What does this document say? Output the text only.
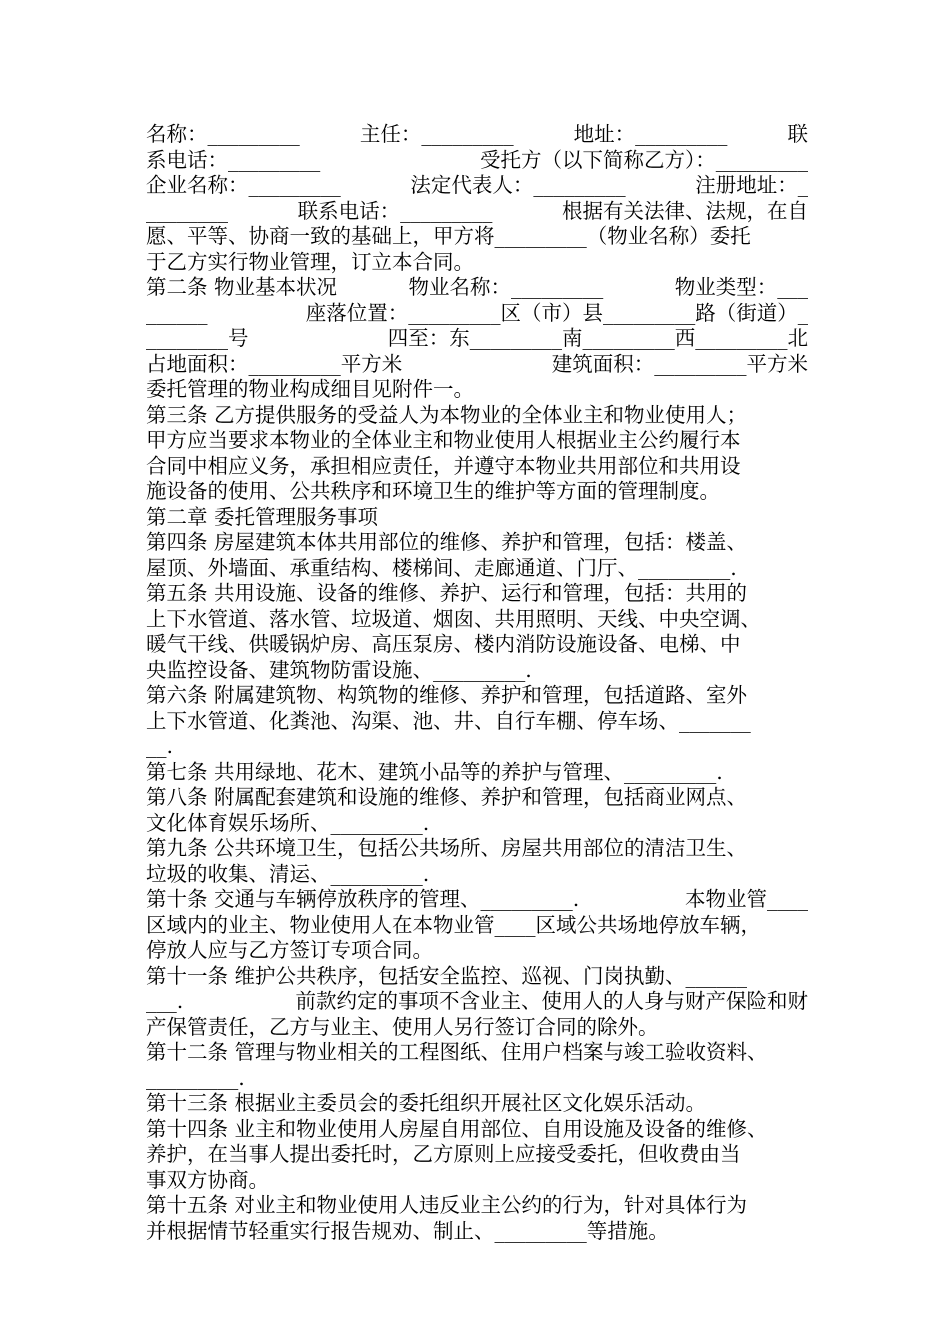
名称：_________	主任：_________	地址：_________	联
系电话：_________	受托方（以下简称乙方）：_________
企业名称：_________	法定代表人：_________	注册地址：_
________	联系电话：_________	根据有关法律、法规，在自
愿、平等、协商一致的基础上，甲方将_________（物业名称）委托
于乙方实行物业管理，订立本合同。
第二条 物业基本状况	物业名称：_________	物业类型：___
______	座落位置：_________区（市）县_________路（街道）_
________号	四至：东_________南_________西_________北
占地面积：_________平方米	建筑面积：_________平方米
委托管理的物业构成细目见附件一。
第三条 乙方提供服务的受益人为本物业的全体业主和物业使用人；
甲方应当要求本物业的全体业主和物业使用人根据业主公约履行本
合同中相应义务，承担相应责任，并遵守本物业共用部位和共用设
施设备的使用、公共秩序和环境卫生的维护等方面的管理制度。
第二章 委托管理服务事项
第四条 房屋建筑本体共用部位的维修、养护和管理，包括：楼盖、
屋顶、外墙面、承重结构、楼梯间、走廊通道、门厅、_________.
第五条 共用设施、设备的维修、养护、运行和管理，包括：共用的
上下水管道、落水管、垃圾道、烟囱、共用照明、天线、中央空调、
暖气干线、供暖锅炉房、高压泵房、楼内消防设施设备、电梯、中
央监控设备、建筑物防雷设施、_________.
第六条 附属建筑物、构筑物的维修、养护和管理，包括道路、室外
上下水管道、化粪池、沟渠、池、井、自行车棚、停车场、_______
__.
第七条 共用绿地、花木、建筑小品等的养护与管理、_________.
第八条 附属配套建筑和设施的维修、养护和管理，包括商业网点、
文化体育娱乐场所、_________.
第九条 公共环境卫生，包括公共场所、房屋共用部位的清洁卫生、
垃圾的收集、清运、_________.
第十条 交通与车辆停放秩序的管理、_________.	本物业管____
区域内的业主、物业使用人在本物业管____区域公共场地停放车辆，
停放人应与乙方签订专项合同。
第十一条 维护公共秩序，包括安全监控、巡视、门岗执勤、______
___.	前款约定的事项不含业主、使用人的人身与财产保险和财
产保管责任，乙方与业主、使用人另行签订合同的除外。
第十二条 管理与物业相关的工程图纸、住用户档案与竣工验收资料、
_________.
第十三条 根据业主委员会的委托组织开展社区文化娱乐活动。
第十四条 业主和物业使用人房屋自用部位、自用设施及设备的维修、
养护，在当事人提出委托时，乙方原则上应接受委托，但收费由当
事双方协商。
第十五条 对业主和物业使用人违反业主公约的行为，针对具体行为
并根据情节轻重实行报告规劝、制止、_________等措施。
